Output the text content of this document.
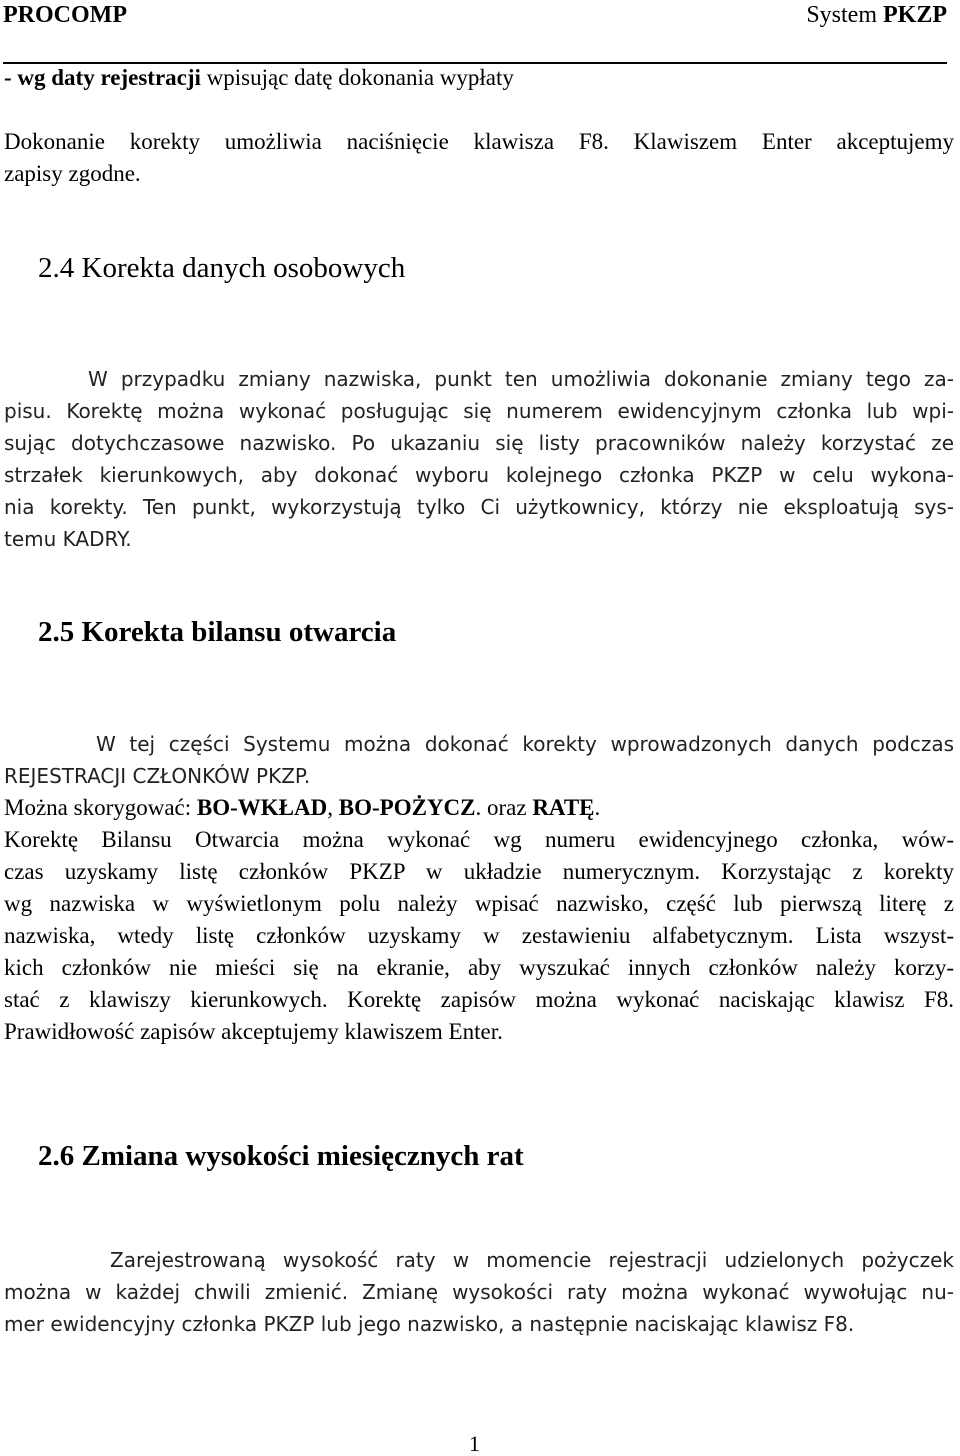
PROCOMP	System PKZP
- wg daty rejestracji wpisując datę dokonania wypłaty
Dokonanie korekty umożliwia naciśnięcie klawisza F8. Klawiszem Enter akceptujemy
zapisy zgodne.
2.4 Korekta danych osobowych
W przypadku zmiany nazwiska, punkt ten umożliwia dokonanie zmiany tego za-
pisu. Korektę można wykonać posługując się numerem ewidencyjnym członka lub wpi-
sując dotychczasowe nazwisko. Po ukazaniu się listy pracowników należy korzystać ze
strzałek kierunkowych, aby dokonać wyboru kolejnego członka PKZP w celu wykona-
nia korekty. Ten punkt, wykorzystują tylko Ci użytkownicy, którzy nie eksploatują sys-
temu KADRY.
2.5 Korekta bilansu otwarcia
W tej części Systemu można dokonać korekty wprowadzonych danych podczas
REJESTRACJI CZŁONKÓW PKZP.
Można skorygować: BO-WKŁAD, BO-POŻYCZ. oraz RATĘ.
Korektę Bilansu Otwarcia można wykonać wg numeru ewidencyjnego członka, wów-
czas uzyskamy listę członków PKZP w układzie numerycznym. Korzystając z korekty
wg nazwiska w wyświetlonym polu należy wpisać nazwisko, część lub pierwszą literę z
nazwiska, wtedy listę członków uzyskamy w zestawieniu alfabetycznym. Lista wszyst-
kich członków nie mieści się na ekranie, aby wyszukać innych członków należy korzy-
stać z klawiszy kierunkowych. Korektę zapisów można wykonać naciskając klawisz F8.
Prawidłowość zapisów akceptujemy klawiszem Enter.
2.6 Zmiana wysokości miesięcznych rat
Zarejestrowaną wysokość raty w momencie rejestracji udzielonych pożyczek
można w każdej chwili zmienić. Zmianę wysokości raty można wykonać wywołując nu-
mer ewidencyjny członka PKZP lub jego nazwisko, a następnie naciskając klawisz F8.
1
